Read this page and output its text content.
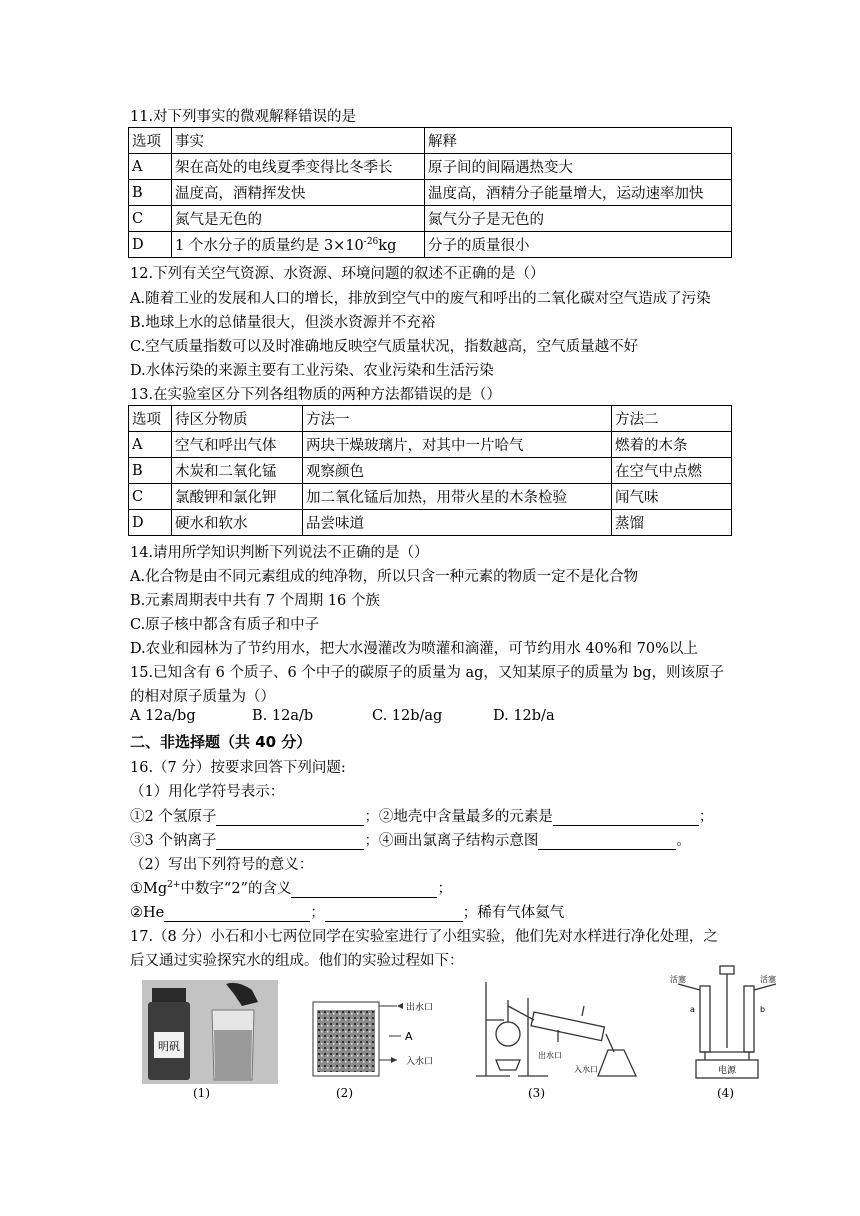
11.对下列事实的微观解释错误的是
选项	事实	解释
A	架在高处的电线夏季变得比冬季长	原子间的间隔遇热变大
B	温度高，酒精挥发快	温度高，酒精分子能量增大，运动速率加快
C	氮气是无色的	氮气分子是无色的
D	1 个水分子的质量约是 $3\times 10^{-26}kg$	分子的质量很小
12.下列有关空气资源、水资源、环境问题的叙述不正确的是（）
A.随着工业的发展和人口的增长，排放到空气中的废气和呼出的二氧化碳对空气造成了污染
B.地球上水的总储量很大，但淡水资源并不充裕
C.空气质量指数可以及时准确地反映空气质量状况，指数越高，空气质量越不好
D.水体污染的来源主要有工业污染、农业污染和生活污染
13.在实验室区分下列各组物质的两种方法都错误的是（）
选项	待区分物质	方法一	方法二
A	空气和呼出气体	两块干燥玻璃片，对其中一片哈气	燃着的木条
B	木炭和二氧化锰	观察颜色	在空气中点燃
C	氯酸钾和氯化钾	加二氧化锰后加热，用带火星的木条检验	闻气味
D	硬水和软水	品尝味道	蒸馏
14.请用所学知识判断下列说法不正确的是（）
A.化合物是由不同元素组成的纯净物，所以只含一种元素的物质一定不是化合物
B.元素周期表中共有 7 个周期 16 个族
C.原子核中都含有质子和中子
D.农业和园林为了节约用水，把大水漫灌改为喷灌和滴灌，可节约用水 40%和 70%以上
15.已知含有 6 个质子、6 个中子的碳原子的质量为 ag，又知某原子的质量为 bg，则该原子
的相对原子质量为（）
A 12a/bg	B. 12a/b	C. 12b/ag	D. 12b/a
二、非选择题（共 40 分）
16.（7 分）按要求回答下列问题:
（1）用化学符号表示：
①2 个氢原子	；②地壳中含量最多的元素是	；
③3 个钠离子	；④画出氯离子结构示意图	。
（2）写出下列符号的意义：
$①Mg^{2+}$中数字“2”的含义	；
②He	；	；稀有气体氦气
17.（8 分）小石和小七两位同学在实验室进行了小组实验，他们先对水样进行净化处理，之
后又通过实验探究水的组成。他们的实验过程如下：
明矾
(1)
出水口
A
入水口
(2)
出水口
入水口
(3)
活塞	活塞
a	b
电源
(4)
